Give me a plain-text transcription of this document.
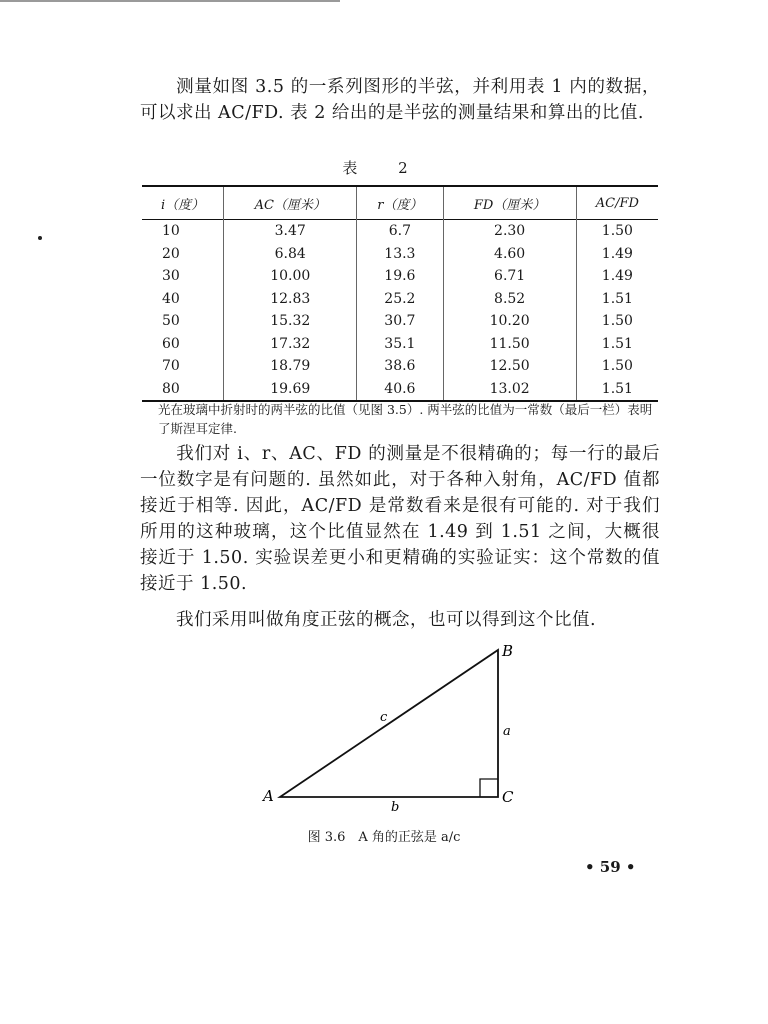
测量如图 3.5 的一系列图形的半弦，并利用表 1 内的数据，可以求出 AC/FD. 表 2 给出的是半弦的测量结果和算出的比值.
表 2
i（度）	AC（厘米）	r（度）	FD（厘米）	AC/FD
10	3.47	6.7	2.30	1.50
20	6.84	13.3	4.60	1.49
30	10.00	19.6	6.71	1.49
40	12.83	25.2	8.52	1.51
50	15.32	30.7	10.20	1.50
60	17.32	35.1	11.50	1.51
70	18.79	38.6	12.50	1.50
80	19.69	40.6	13.02	1.51
光在玻璃中折射时的两半弦的比值（见图 3.5）. 两半弦的比值为一常数（最后一栏）表明了斯涅耳定律.
我们对 i、r、AC、FD 的测量是不很精确的；每一行的最后一位数字是有问题的. 虽然如此，对于各种入射角，AC/FD 值都接近于相等. 因此，AC/FD 是常数看来是很有可能的. 对于我们所用的这种玻璃，这个比值显然在 1.49 到 1.51 之间，大概很接近于 1.50. 实验误差更小和更精确的实验证实：这个常数的值接近于 1.50.
我们采用叫做角度正弦的概念，也可以得到这个比值.
A
B
C
a
b
c
图 3.6　A 角的正弦是 a/c
• 59 •
